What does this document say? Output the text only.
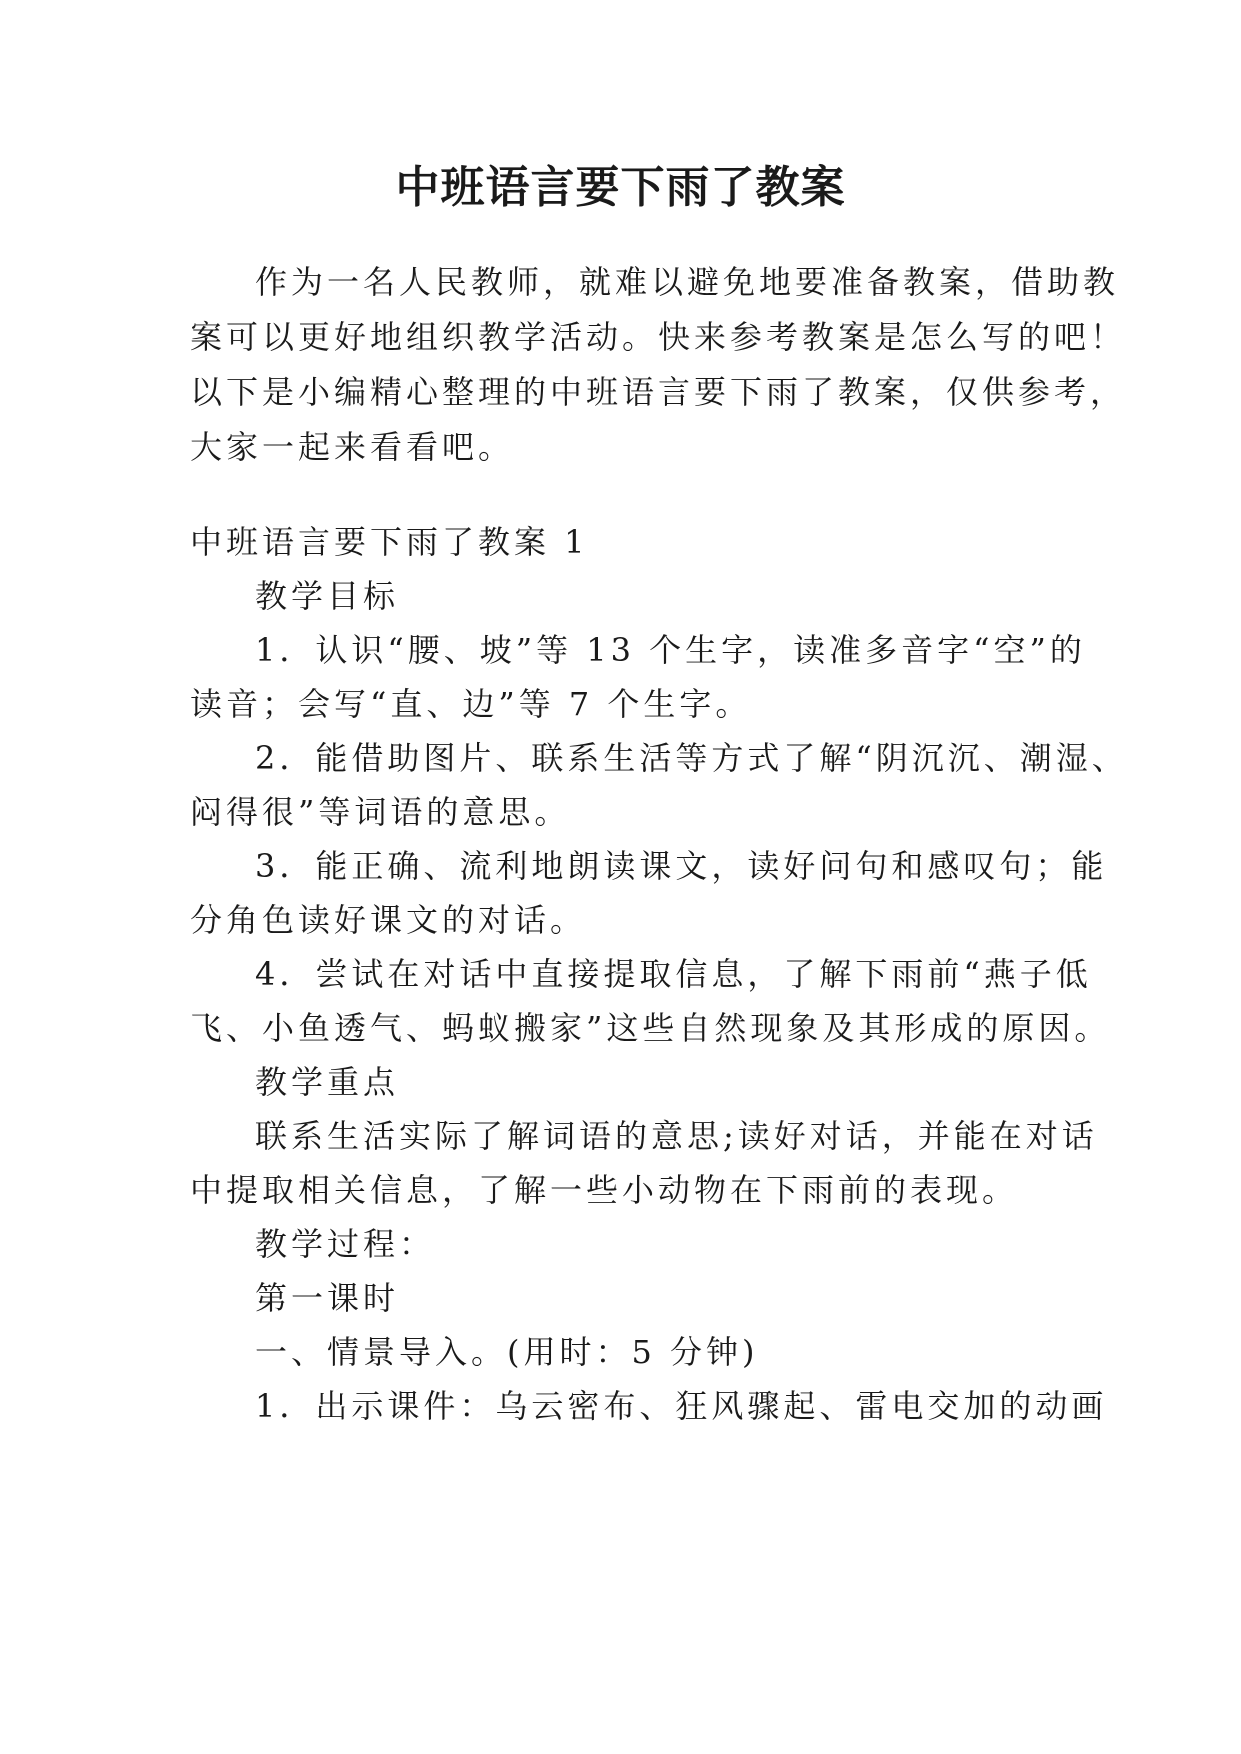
中班语言要下雨了教案
作为一名人民教师，就难以避免地要准备教案，借助教
案可以更好地组织教学活动。快来参考教案是怎么写的吧！
以下是小编精心整理的中班语言要下雨了教案，仅供参考，
大家一起来看看吧。
中班语言要下雨了教案 1
教学目标
1．认识“腰、坡”等 13 个生字，读准多音字“空”的
读音；会写“直、边”等 7 个生字。
2．能借助图片、联系生活等方式了解“阴沉沉、潮湿、
闷得很”等词语的意思。
3．能正确、流利地朗读课文，读好问句和感叹句；能
分角色读好课文的对话。
4．尝试在对话中直接提取信息，了解下雨前“燕子低
飞、小鱼透气、蚂蚁搬家”这些自然现象及其形成的原因。
教学重点
联系生活实际了解词语的意思;读好对话，并能在对话
中提取相关信息，了解一些小动物在下雨前的表现。
教学过程：
第一课时
一、情景导入。(用时：5 分钟)
1．出示课件：乌云密布、狂风骤起、雷电交加的动画
